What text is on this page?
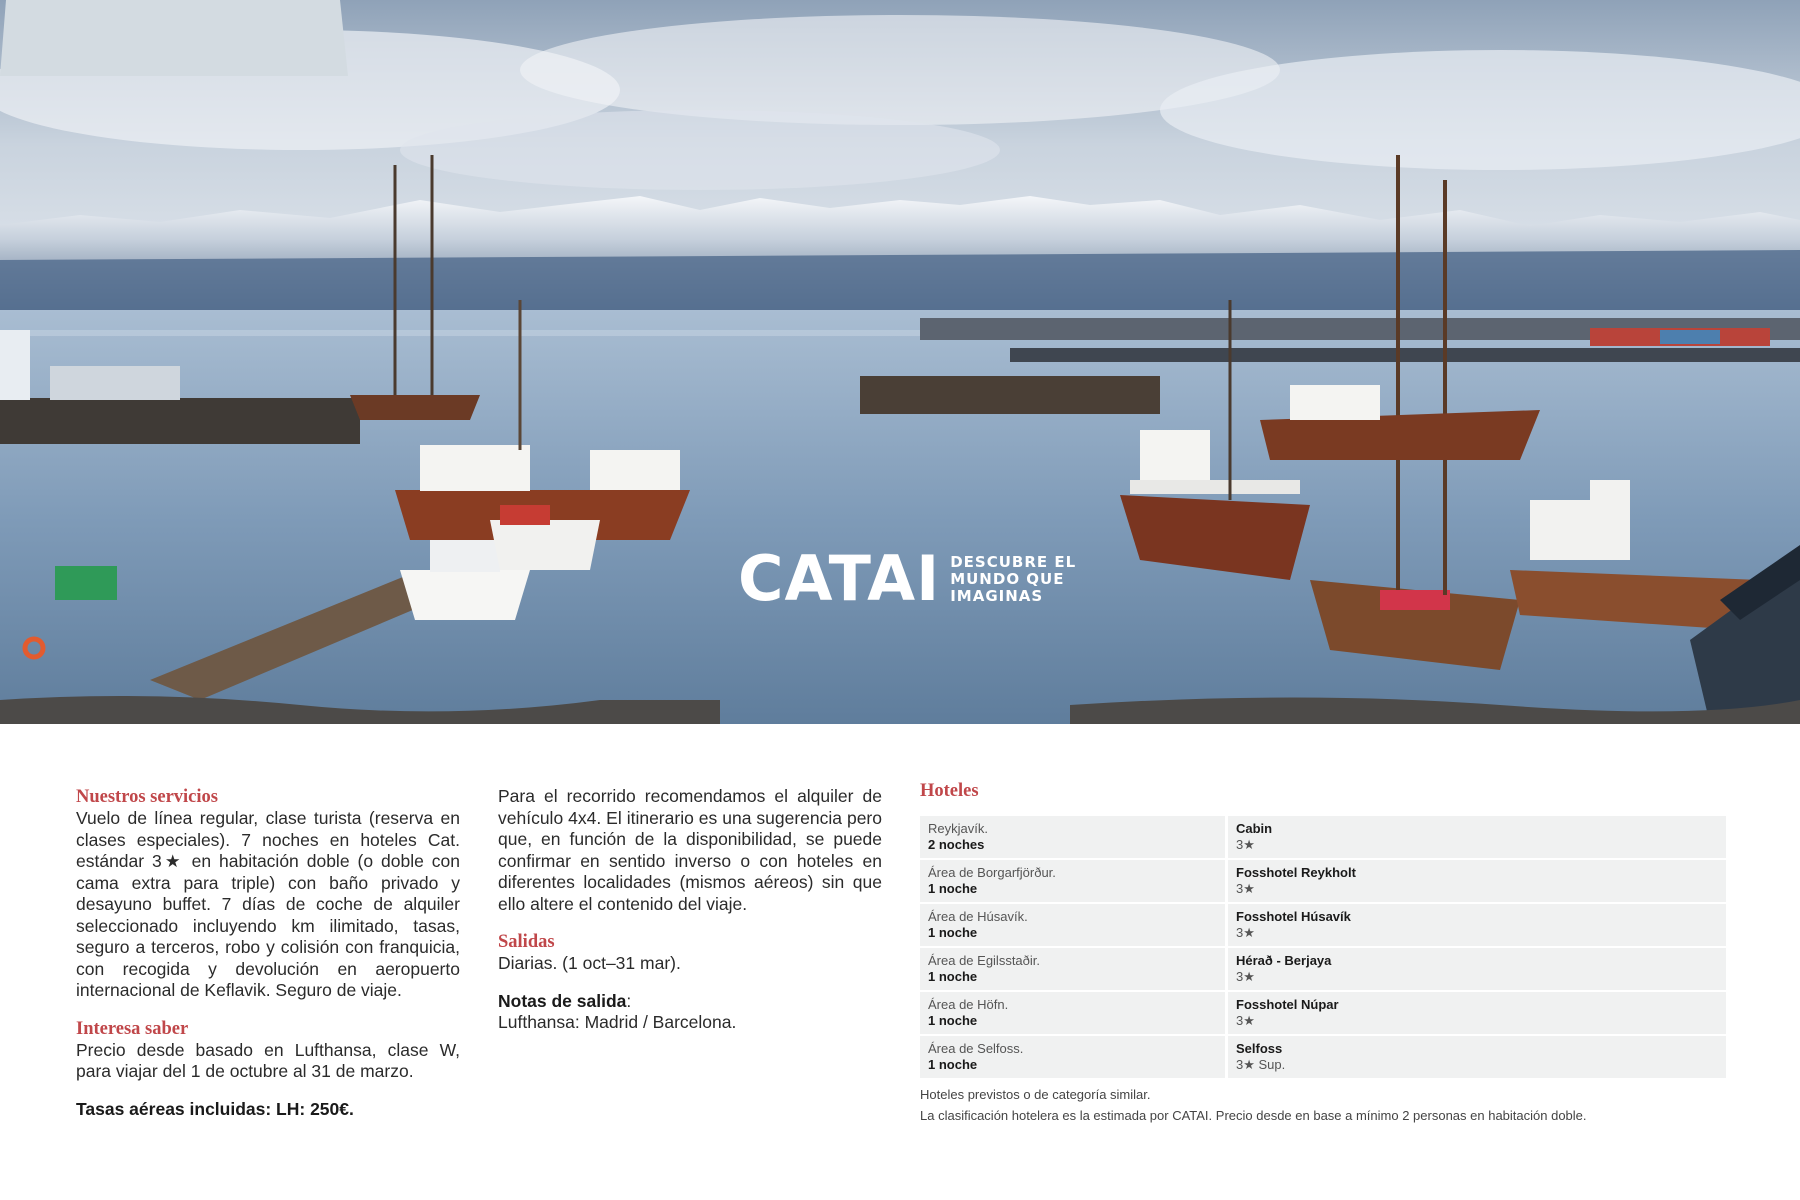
CATAI DESCUBRE EL MUNDO QUE IMAGINAS
Nuestros servicios

Vuelo de línea regular, clase turista (reserva en clases especiales). 7 noches en hoteles Cat. estándar 3★ en habitación doble (o doble con cama extra para triple) con baño privado y desayuno buffet. 7 días de coche de alquiler seleccionado incluyendo km ilimitado, tasas, seguro a terceros, robo y colisión con franquicia, con recogida y devolución en aeropuerto internacional de Keflavik. Seguro de viaje.

Interesa saber

Precio desde basado en Lufthansa, clase W, para viajar del 1 de octubre al 31 de marzo.

Tasas aéreas incluidas: LH: 250€.

Para el recorrido recomendamos el alquiler de vehículo 4x4. El itinerario es una sugerencia pero que, en función de la disponibilidad, se puede confirmar en sentido inverso o con hoteles en diferentes localidades (mismos aéreos) sin que ello altere el contenido del viaje.

Salidas

Diarias. (1 oct–31 mar).

Notas de salida:

Lufthansa: Madrid / Barcelona.

Hoteles
Reykjavík.
2 noches
Cabin
3★
Área de Borgarfjörður.
1 noche
Fosshotel Reykholt
3★
Área de Húsavík.
1 noche
Fosshotel Húsavík
3★
Área de Egilsstaðir.
1 noche
Hérað - Berjaya
3★
Área de Höfn.
1 noche
Fosshotel Núpar
3★
Área de Selfoss.
1 noche
Selfoss
3★ Sup.

Hoteles previstos o de categoría similar.

La clasificación hotelera es la estimada por CATAI. Precio desde en base a mínimo 2 personas en habitación doble.
